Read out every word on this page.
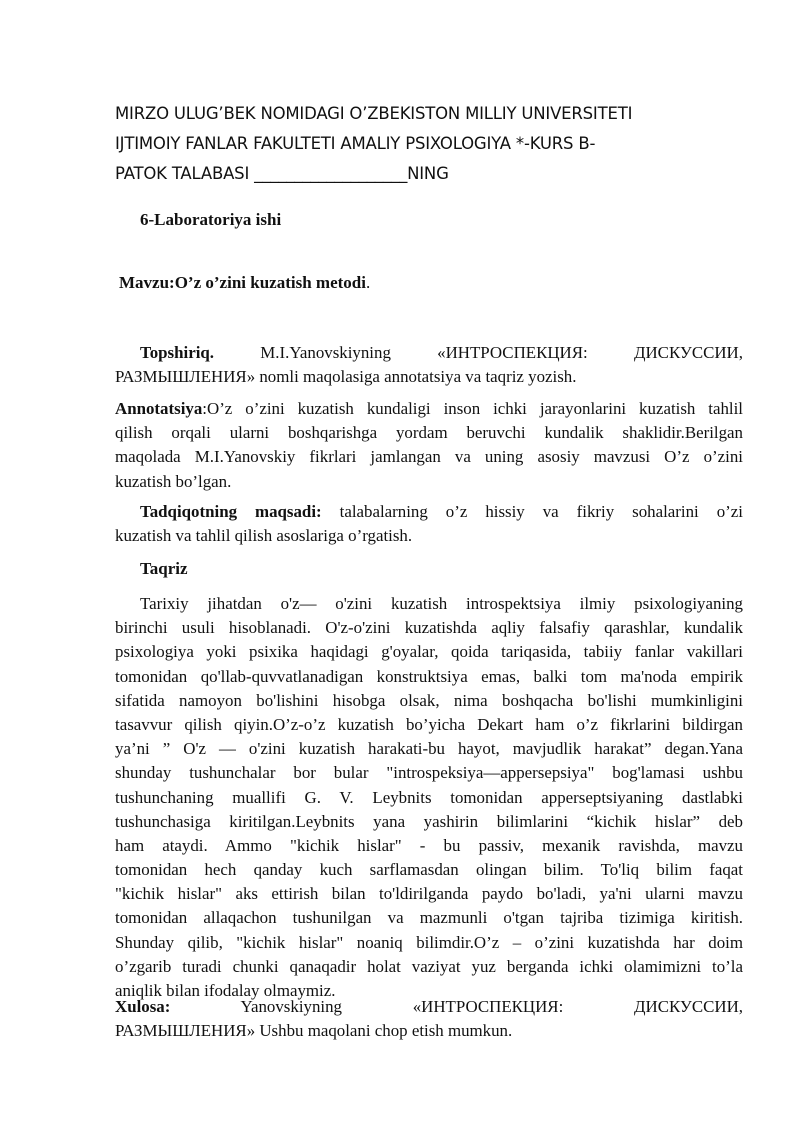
MIRZO ULUG’BEK NOMIDAGI O’ZBEKISTON MILLIY UNIVERSITETI
IJTIMOIY FANLAR FAKULTETI AMALIY PSIXOLOGIYA *-KURS B-
PATOK TALABASI ___________________NING
6-Laboratoriya ishi
Mavzu:O’z o’zini kuzatish metodi.
Topshiriq.	M.I.Yanovskiyning «ИНТРОСПЕКЦИЯ: ДИСКУССИИ,
РАЗМЫШЛЕНИЯ» nomli maqolasiga annotatsiya va taqriz yozish.
Annotatsiya:O’z o’zini kuzatish kundaligi inson ichki jarayonlarini kuzatish tahlil
qilish orqali ularni boshqarishga yordam beruvchi kundalik shaklidir.Berilgan
maqolada M.I.Yanovskiy fikrlari jamlangan va uning asosiy mavzusi O’z o’zini
kuzatish bo’lgan.
Tadqiqotning maqsadi: talabalarning o’z hissiy va fikriy sohalarini o’zi
kuzatish va tahlil qilish asoslariga o’rgatish.
Taqriz
Tarixiy jihatdan o'z— o'zini kuzatish introspektsiya ilmiy psixologiyaning
birinchi usuli hisoblanadi. O'z-o'zini kuzatishda aqliy falsafiy qarashlar, kundalik
psixologiya yoki psixika haqidagi g'oyalar, qoida tariqasida, tabiiy fanlar vakillari
tomonidan qo'llab-quvvatlanadigan konstruktsiya emas, balki tom ma'noda empirik
sifatida namoyon bo'lishini hisobga olsak, nima boshqacha bo'lishi mumkinligini
tasavvur qilish qiyin.O’z-o’z kuzatish bo’yicha Dekart ham o’z fikrlarini bildirgan
ya’ni ” O'z — o'zini kuzatish harakati-bu hayot, mavjudlik harakat” degan.Yana
shunday tushunchalar bor bular "introspeksiya—appersepsiya" bog'lamasi ushbu
tushunchaning muallifi G. V. Leybnits tomonidan apperseptsiyaning dastlabki
tushunchasiga kiritilgan.Leybnits yana yashirin bilimlarini “kichik hislar” deb
ham ataydi. Ammo "kichik hislar" - bu passiv, mexanik ravishda, mavzu
tomonidan hech qanday kuch sarflamasdan olingan bilim. To'liq bilim faqat
"kichik hislar" aks ettirish bilan to'ldirilganda paydo bo'ladi, ya'ni ularni mavzu
tomonidan allaqachon tushunilgan va mazmunli o'tgan tajriba tizimiga kiritish.
Shunday qilib, "kichik hislar" noaniq bilimdir.O’z – o’zini kuzatishda har doim
o’zgarib turadi chunki qanaqadir holat vaziyat yuz berganda ichki olamimizni to’la
aniqlik bilan ifodalay olmaymiz.
Xulosa: Yanovskiyning «ИНТРОСПЕКЦИЯ: ДИСКУССИИ,
РАЗМЫШЛЕНИЯ» Ushbu maqolani chop etish mumkun.
